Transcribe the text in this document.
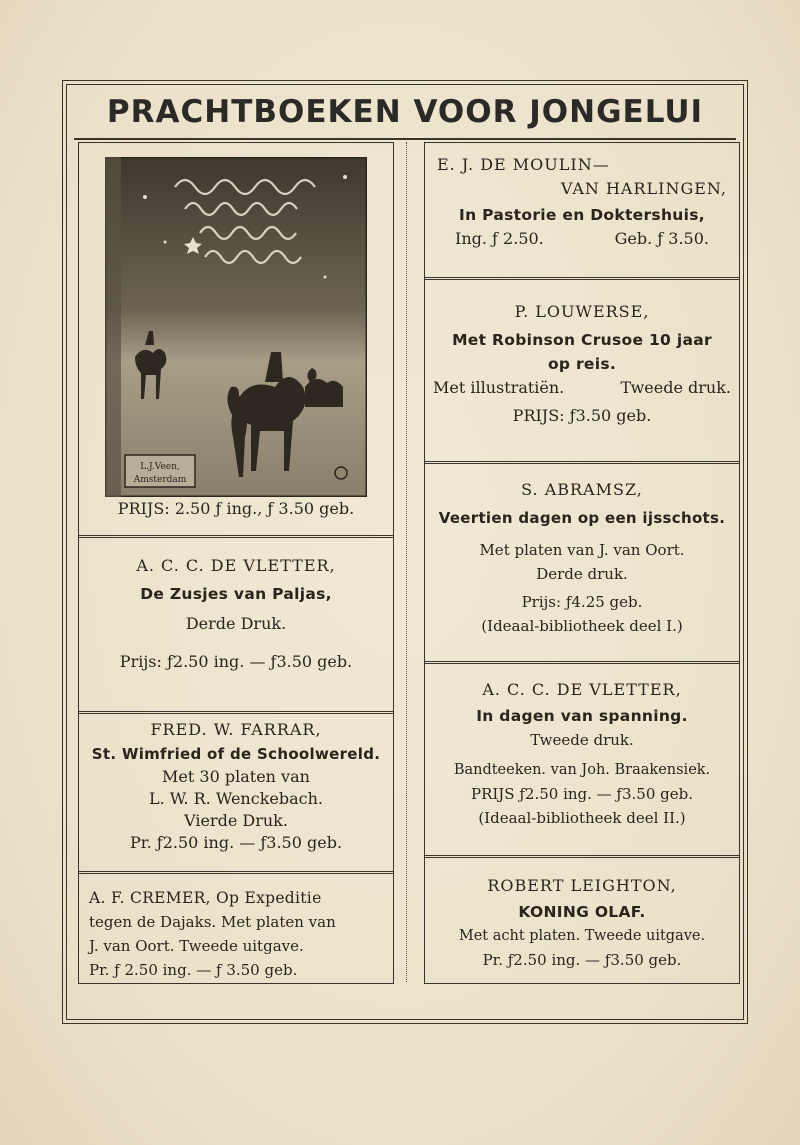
PRACHTBOEKEN VOOR JONGELUI
L.J.Veen,
Amsterdam
PRIJS: 2.50 ƒ ing., ƒ 3.50 geb.
A. C. C. DE VLETTER,
De Zusjes van Paljas,
Derde Druk.
Prijs: ƒ2.50 ing. — ƒ3.50 geb.
FRED. W. FARRAR,
St. Wimfried of de Schoolwereld.
Met 30 platen van
L. W. R. Wenckebach.
Vierde Druk.
Pr. ƒ2.50 ing. — ƒ3.50 geb.
A. F. CREMER, Op Expeditie
tegen de Dajaks. Met platen van
J. van Oort. Tweede uitgave.
Pr. ƒ 2.50 ing. — ƒ 3.50 geb.
E. J. DE MOULIN—
VAN HARLINGEN,
In Pastorie en Doktershuis,
Ing. ƒ 2.50.	Geb. ƒ 3.50.
P. LOUWERSE,
Met Robinson Crusoe 10 jaar
op reis.
Met illustratiën.	Tweede druk.
PRIJS: ƒ3.50 geb.
S. ABRAMSZ,
Veertien dagen op een ijsschots.
Met platen van J. van Oort.
Derde druk.
Prijs: ƒ4.25 geb.
(Ideaal-bibliotheek deel I.)
A. C. C. DE VLETTER,
In dagen van spanning.
Tweede druk.
Bandteeken. van Joh. Braakensiek.
PRIJS ƒ2.50 ing. — ƒ3.50 geb.
(Ideaal-bibliotheek deel II.)
ROBERT LEIGHTON,
KONING OLAF.
Met acht platen. Tweede uitgave.
Pr. ƒ2.50 ing. — ƒ3.50 geb.
